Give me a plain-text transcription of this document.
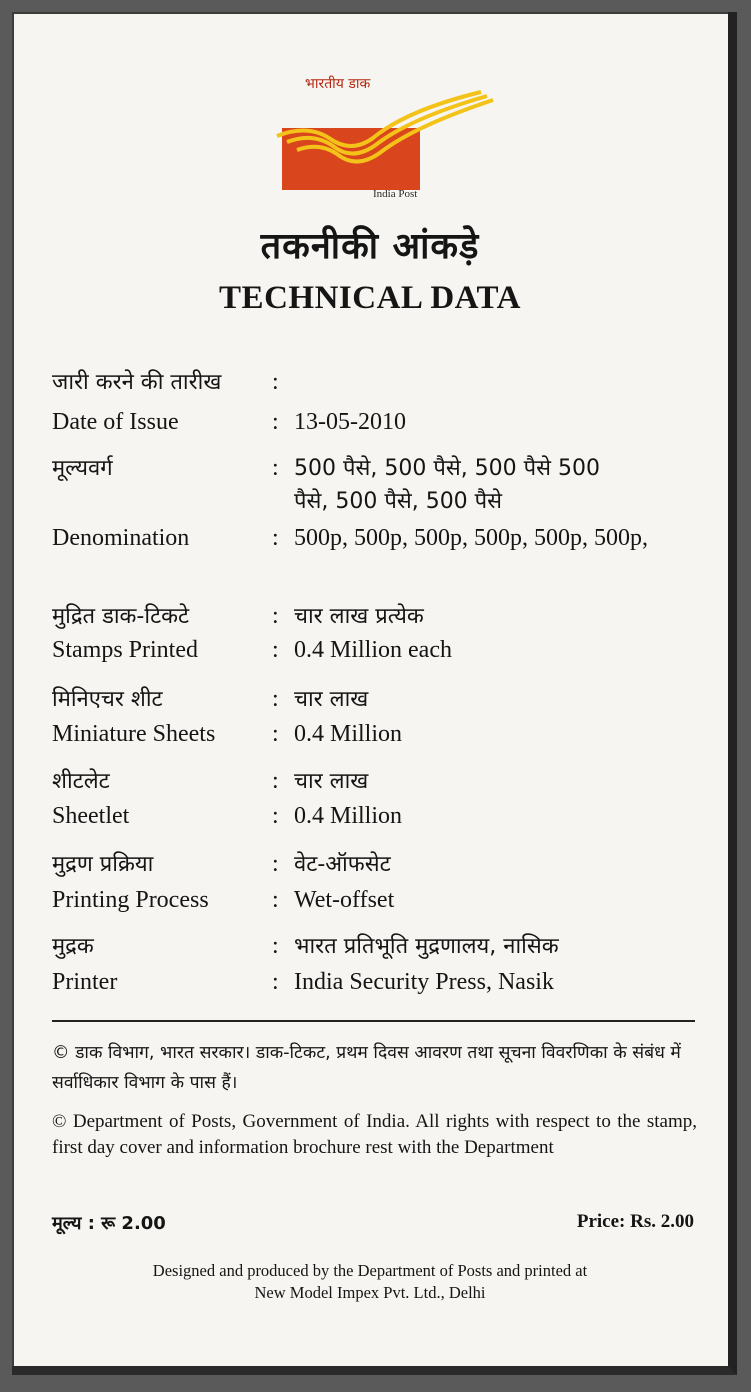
भारतीय डाक
India Post
तकनीकी आंकड़े
TECHNICAL DATA
जारी करने की तारीख :
Date of Issue	: 13-05-2010
मूल्यवर्ग	: 500 पैसे, 500 पैसे, 500 पैसे 500 पैसे, 500 पैसे, 500 पैसे
Denomination	: 500p, 500p, 500p, 500p, 500p, 500p,
मुद्रित डाक-टिकटे	: चार लाख प्रत्येक
Stamps Printed	: 0.4 Million each
मिनिएचर शीट	: चार लाख
Miniature Sheets : 0.4 Million
शीटलेट	: चार लाख
Sheetlet	: 0.4 Million
मुद्रण प्रक्रिया	: वेट-ऑफसेट
Printing Process	: Wet-offset
मुद्रक	: भारत प्रतिभूति मुद्रणालय, नासिक
Printer	: India Security Press, Nasik
© डाक विभाग, भारत सरकार। डाक-टिकट, प्रथम दिवस आवरण तथा सूचना विवरणिका के संबंध में सर्वाधिकार विभाग के पास हैं।
© Department of Posts, Government of India. All rights with respect to the stamp, first day cover and information brochure rest with the Department
मूल्य : रू 2.00	Price: Rs. 2.00
Designed and produced by the Department of Posts and printed at
New Model Impex Pvt. Ltd., Delhi
